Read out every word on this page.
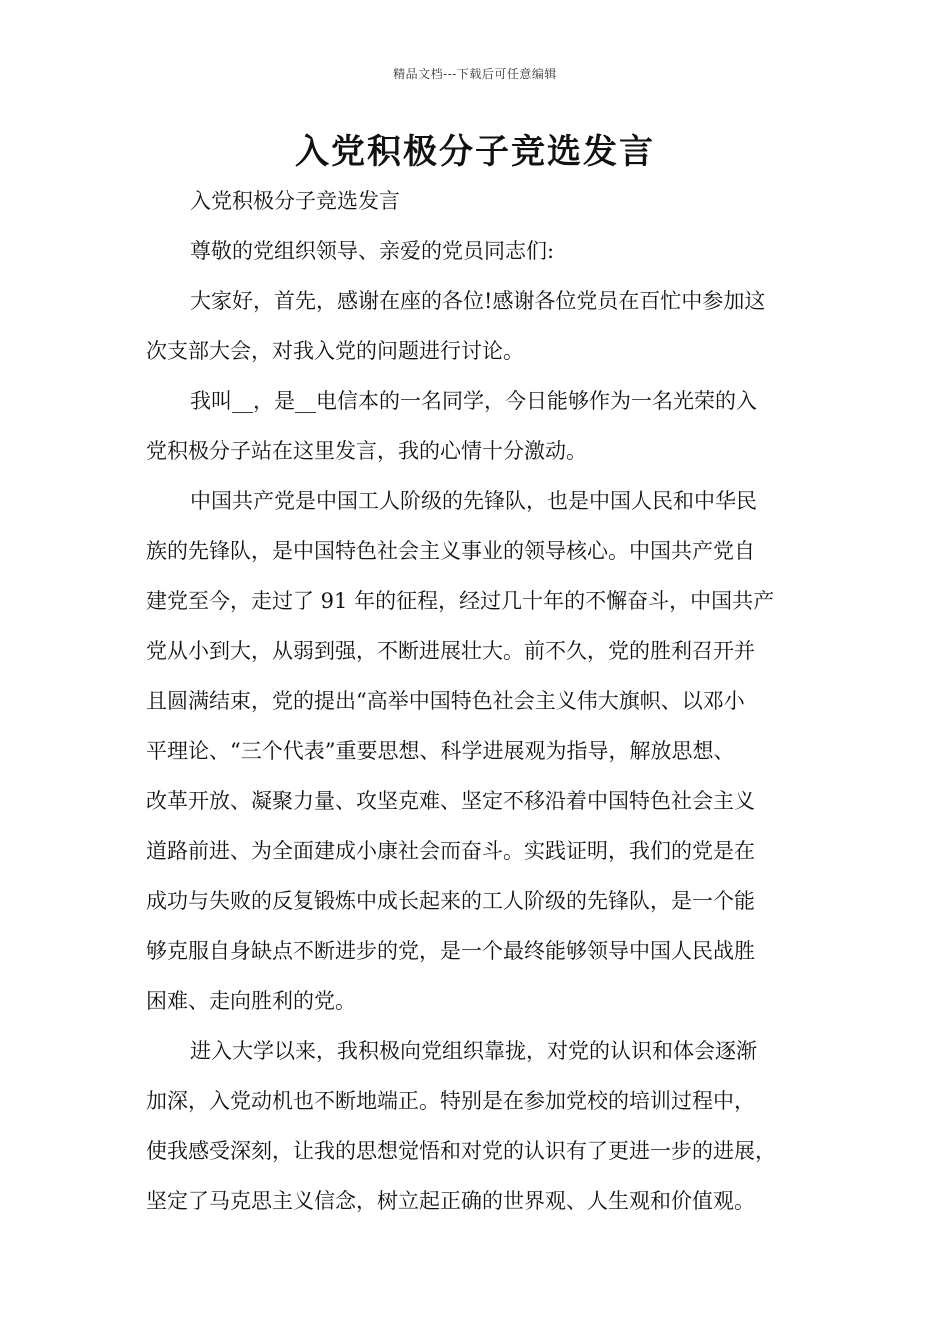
精品文档---下载后可任意编辑
入党积极分子竞选发言
入党积极分子竞选发言
尊敬的党组织领导、亲爱的党员同志们:
大家好，首先，感谢在座的各位!感谢各位党员在百忙中参加这
次支部大会，对我入党的问题进行讨论。
我叫__，是__电信本的一名同学，今日能够作为一名光荣的入
党积极分子站在这里发言，我的心情十分激动。
中国共产党是中国工人阶级的先锋队，也是中国人民和中华民
族的先锋队，是中国特色社会主义事业的领导核心。中国共产党自
建党至今，走过了 91 年的征程，经过几十年的不懈奋斗，中国共产
党从小到大，从弱到强，不断进展壮大。前不久，党的胜利召开并
且圆满结束，党的提出“高举中国特色社会主义伟大旗帜、以邓小
平理论、“三个代表”重要思想、科学进展观为指导，解放思想、
改革开放、凝聚力量、攻坚克难、坚定不移沿着中国特色社会主义
道路前进、为全面建成小康社会而奋斗。实践证明，我们的党是在
成功与失败的反复锻炼中成长起来的工人阶级的先锋队，是一个能
够克服自身缺点不断进步的党，是一个最终能够领导中国人民战胜
困难、走向胜利的党。
进入大学以来，我积极向党组织靠拢，对党的认识和体会逐渐
加深，入党动机也不断地端正。特别是在参加党校的培训过程中，
使我感受深刻，让我的思想觉悟和对党的认识有了更进一步的进展，
坚定了马克思主义信念，树立起正确的世界观、人生观和价值观。
